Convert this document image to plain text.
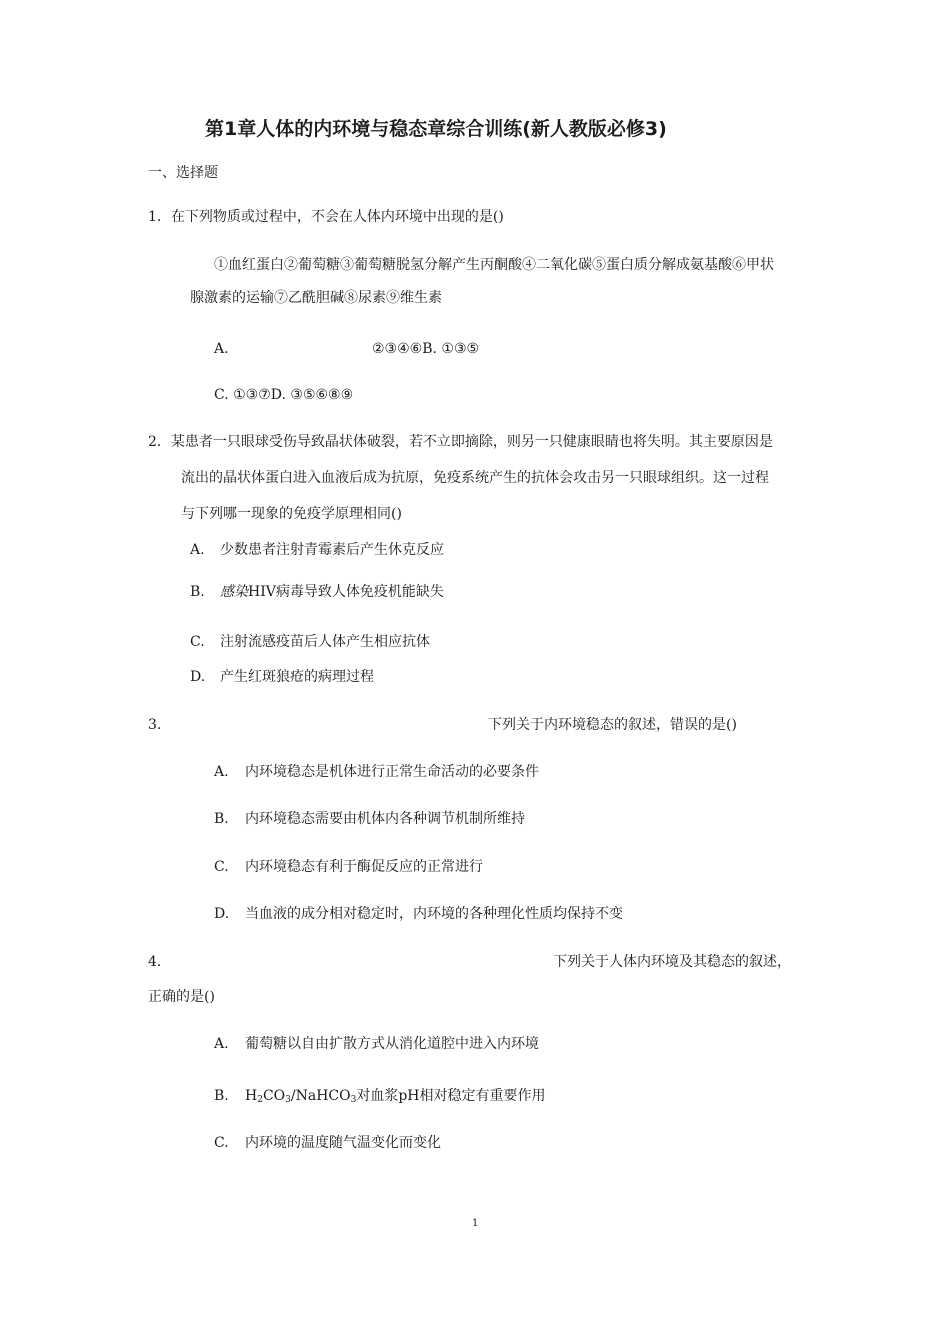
第1章人体的内环境与稳态章综合训练(新人教版必修3)
一、选择题
1．在下列物质或过程中，不会在人体内环境中出现的是()
①血红蛋白②葡萄糖③葡萄糖脱氢分解产生丙酮酸④二氧化碳⑤蛋白质分解成氨基酸⑥甲状
腺激素的运输⑦乙酰胆碱⑧尿素⑨维生素
A.	②③④⑥B. ①③⑤
C. ①③⑦D. ③⑤⑥⑧⑨
2．某患者一只眼球受伤导致晶状体破裂，若不立即摘除，则另一只健康眼睛也将失明。其主要原因是
流出的晶状体蛋白进入血液后成为抗原，免疫系统产生的抗体会攻击另一只眼球组织。这一过程
与下列哪一现象的免疫学原理相同()
A. 少数患者注射青霉素后产生休克反应
B. 感染HIV病毒导致人体免疫机能缺失
C. 注射流感疫苗后人体产生相应抗体
D. 产生红斑狼疮的病理过程
3.	下列关于内环境稳态的叙述，错误的是()
A. 内环境稳态是机体进行正常生命活动的必要条件
B. 内环境稳态需要由机体内各种调节机制所维持
C. 内环境稳态有利于酶促反应的正常进行
D. 当血液的成分相对稳定时，内环境的各种理化性质均保持不变
4.	下列关于人体内环境及其稳态的叙述，
正确的是()
A. 葡萄糖以自由扩散方式从消化道腔中进入内环境
B. $H_2CO_3/NaHCO_3$对血浆pH相对稳定有重要作用
C. 内环境的温度随气温变化而变化
1
